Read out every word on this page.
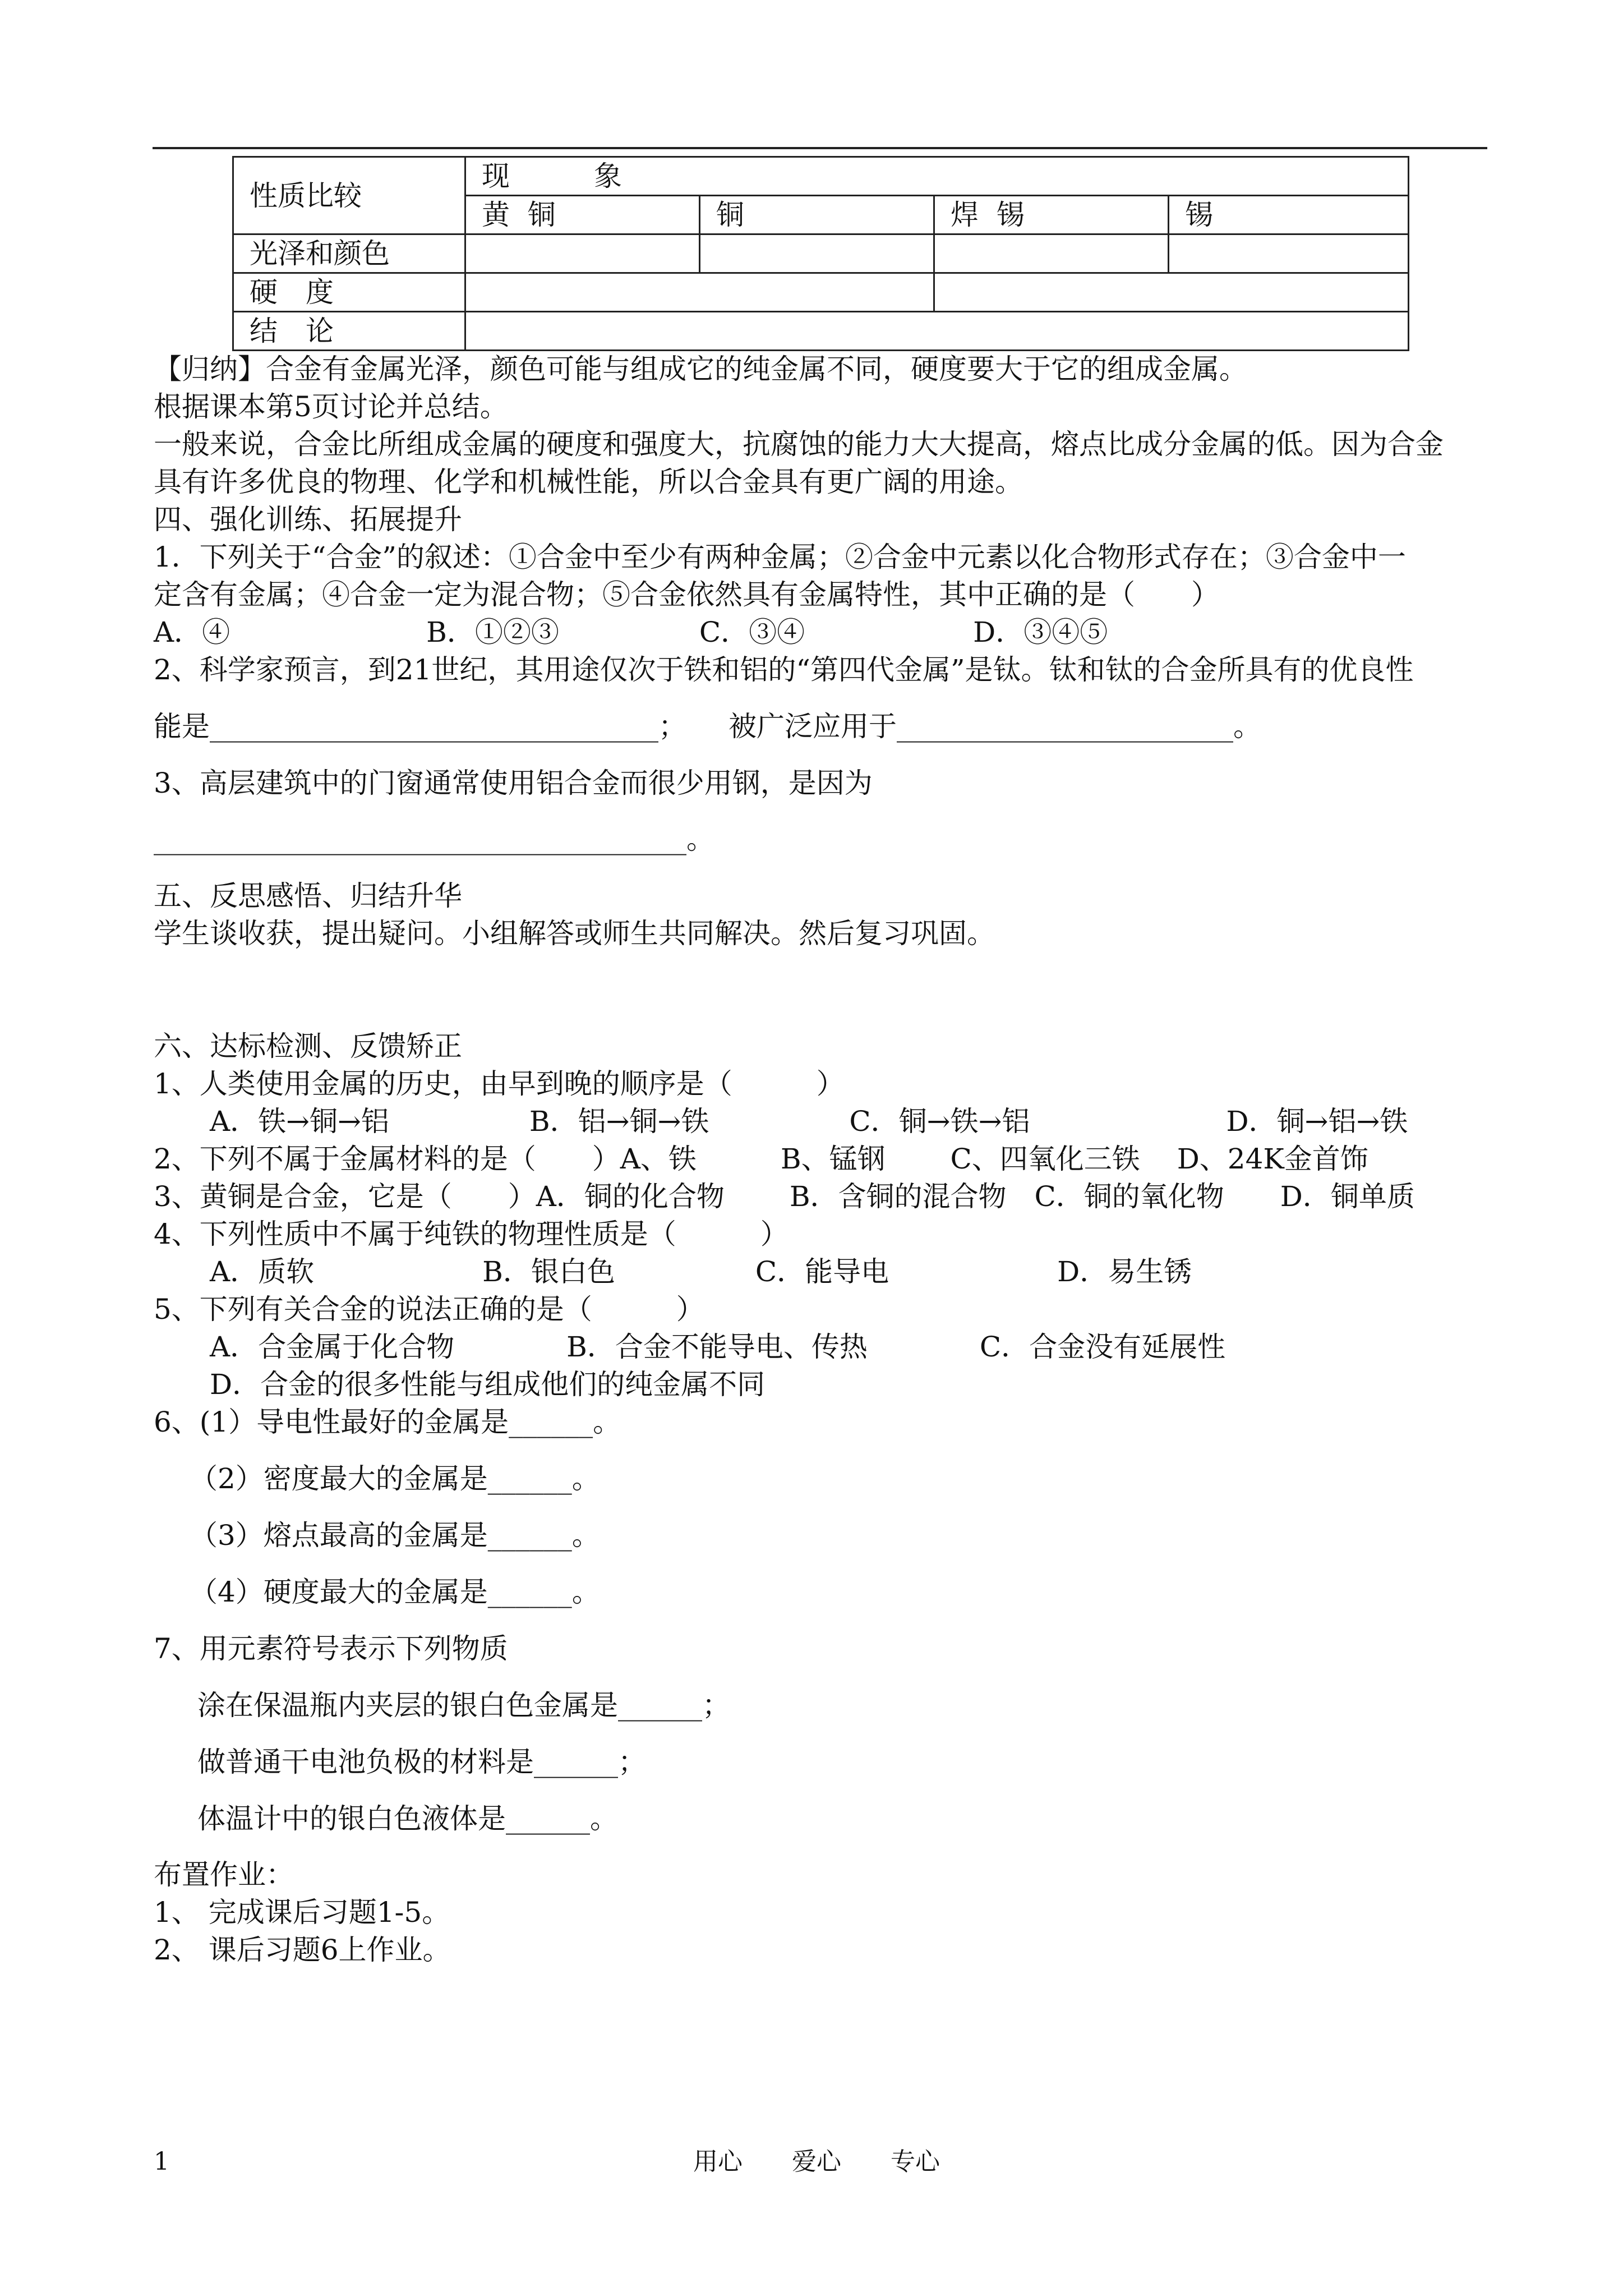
性质比较	现　　　象			
	黄  铜	铜	焊  锡	锡
光泽和颜色				
硬　度				
结　论				
【归纳】合金有金属光泽，颜色可能与组成它的纯金属不同，硬度要大于它的组成金属。
根据课本第5页讨论并总结。
一般来说，合金比所组成金属的硬度和强度大，抗腐蚀的能力大大提高，熔点比成分金属的低。因为合金
具有许多优良的物理、化学和机械性能，所以合金具有更广阔的用途。
四、强化训练、拓展提升
1．下列关于“合金”的叙述：①合金中至少有两种金属；②合金中元素以化合物形式存在；③合金中一
定含有金属；④合金一定为混合物；⑤合金依然具有金属特性，其中正确的是（　　）
A．④　　　　　　　B．①②③　　　　　C．③④　　　　　　D．③④⑤
2、科学家预言，到21世纪，其用途仅次于铁和铝的“第四代金属”是钛。钛和钛的合金所具有的优良性
能是________________________________；　　被广泛应用于________________________。
3、高层建筑中的门窗通常使用铝合金而很少用钢，是因为
______________________________________。
五、反思感悟、归结升华
学生谈收获，提出疑问。小组解答或师生共同解决。然后复习巩固。
六、达标检测、反馈矫正
1、人类使用金属的历史，由早到晚的顺序是（　　　）
　　A．铁→铜→铝　　　　　B．铝→铜→铁　　　　　C．铜→铁→铝　　　　　　　D．铜→铝→铁
2、下列不属于金属材料的是（　　）A、铁　　　B、锰钢　　 C、四氧化三铁　 D、24K金首饰
3、黄铜是合金，它是（　　）A．铜的化合物　　 B．含铜的混合物　C．铜的氧化物　　D．铜单质
4、下列性质中不属于纯铁的物理性质是（　　　）
　　A．质软　　　　　　B．银白色　　　　　C．能导电　　　　　　D．易生锈
5、下列有关合金的说法正确的是（　　　）
　　A．合金属于化合物　　　　B．合金不能导电、传热　　　　C．合金没有延展性
　　D．合金的很多性能与组成他们的纯金属不同
6、(1）导电性最好的金属是______。
（2）密度最大的金属是______。
（3）熔点最高的金属是______。
（4）硬度最大的金属是______。
7、用元素符号表示下列物质
涂在保温瓶内夹层的银白色金属是______；
做普通干电池负极的材料是______；
体温计中的银白色液体是______。
布置作业：
1、 完成课后习题1-5。
2、 课后习题6上作业。
1	用心　　爱心　　专心
